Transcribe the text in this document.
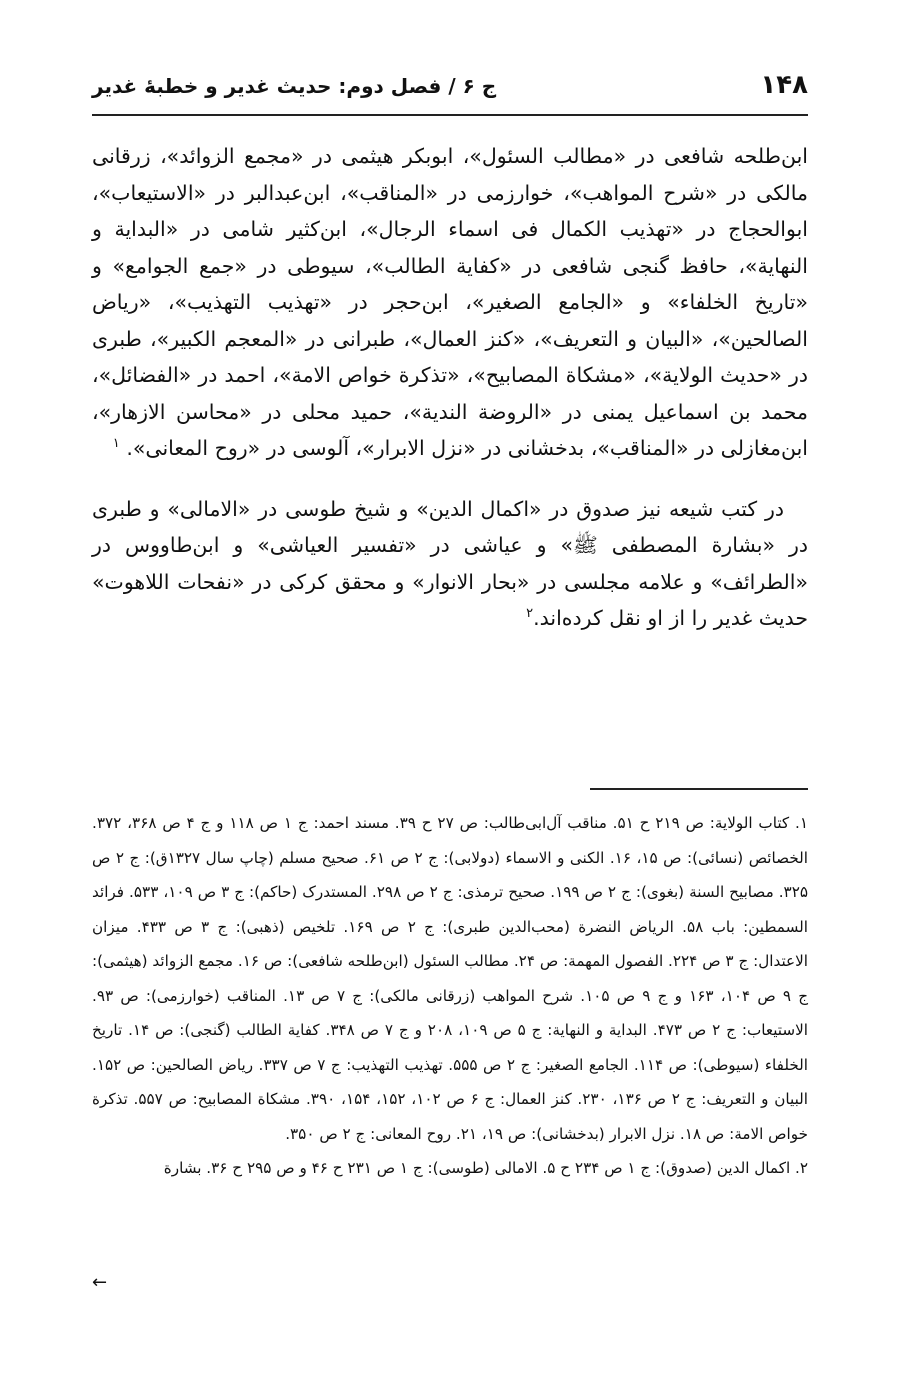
۱۴۸
ج ۶ / فصل دوم: حدیث غدیر و خطبهٔ غدیر

ابن‌طلحه شافعی در «مطالب السئول»، ابوبکر هیثمی در «مجمع الزوائد»، زرقانی مالکی در «شرح المواهب»، خوارزمی در «المناقب»، ابن‌عبدالبر در «الاستیعاب»، ابوالحجاج در «تهذیب الکمال فی اسماء الرجال»، ابن‌کثیر شامی در «البدایة و النهایة»، حافظ گنجی شافعی در «کفایة الطالب»، سیوطی در «جمع الجوامع» و «تاریخ الخلفاء» و «الجامع الصغیر»، ابن‌حجر در «تهذیب التهذیب»، «ریاض الصالحین»، «البیان و التعریف»، «کنز العمال»، طبرانی در «المعجم الکبیر»، طبری در «حدیث الولایة»، «مشکاة المصابیح»، «تذکرة خواص الامة»، احمد در «الفضائل»، محمد بن اسماعیل یمنی در «الروضة الندیة»، حمید محلی در «محاسن الازهار»، ابن‌مغازلی در «المناقب»، بدخشانی در «نزل الابرار»، آلوسی در «روح المعانی». $^۱$

در کتب شیعه نیز صدوق در «اکمال الدین» و شیخ طوسی در «الامالی» و طبری در «بشارة المصطفی ﷺ» و عیاشی در «تفسیر العیاشی» و ابن‌طاووس در «الطرائف» و علامه مجلسی در «بحار الانوار» و محقق کرکی در «نفحات اللاهوت» حدیث غدیر را از او نقل کرده‌اند.$^۲$

۱. کتاب الولایة: ص ۲۱۹ ح ۵۱. مناقب آل‌ابی‌طالب: ص ۲۷ ح ۳۹. مسند احمد: ج ۱ ص ۱۱۸ و ج ۴ ص ۳۶۸، ۳۷۲. الخصائص (نسائی): ص ۱۵، ۱۶. الکنی و الاسماء (دولابی): ج ۲ ص ۶۱. صحیح مسلم (چاپ سال ۱۳۲۷ق): ج ۲ ص ۳۲۵. مصابیح السنة (بغوی): ج ۲ ص ۱۹۹. صحیح ترمذی: ج ۲ ص ۲۹۸. المستدرک (حاکم): ج ۳ ص ۱۰۹، ۵۳۳. فرائد السمطین: باب ۵۸. الریاض النضرة (محب‌الدین طبری): ج ۲ ص ۱۶۹. تلخیص (ذهبی): ج ۳ ص ۴۳۳. میزان الاعتدال: ج ۳ ص ۲۲۴. الفصول المهمة: ص ۲۴. مطالب السئول (ابن‌طلحه شافعی): ص ۱۶. مجمع الزوائد (هیثمی): ج ۹ ص ۱۰۴، ۱۶۳ و ج ۹ ص ۱۰۵. شرح المواهب (زرقانی مالکی): ج ۷ ص ۱۳. المناقب (خوارزمی): ص ۹۳. الاستیعاب: ج ۲ ص ۴۷۳. البدایة و النهایة: ج ۵ ص ۱۰۹، ۲۰۸ و ج ۷ ص ۳۴۸. کفایة الطالب (گنجی): ص ۱۴. تاریخ الخلفاء (سیوطی): ص ۱۱۴. الجامع الصغیر: ج ۲ ص ۵۵۵. تهذیب التهذیب: ج ۷ ص ۳۳۷. ریاض الصالحین: ص ۱۵۲. البیان و التعریف: ج ۲ ص ۱۳۶، ۲۳۰. کنز العمال: ج ۶ ص ۱۰۲، ۱۵۲، ۱۵۴، ۳۹۰. مشکاة المصابیح: ص ۵۵۷. تذکرة خواص الامة: ص ۱۸. نزل الابرار (بدخشانی): ص ۱۹، ۲۱. روح المعانی: ج ۲ ص ۳۵۰.

۲. اکمال الدین (صدوق): ج ۱ ص ۲۳۴ ح ۵. الامالی (طوسی): ج ۱ ص ۲۳۱ ح ۴۶ و ص ۲۹۵ ح ۳۶. بشارة

←
